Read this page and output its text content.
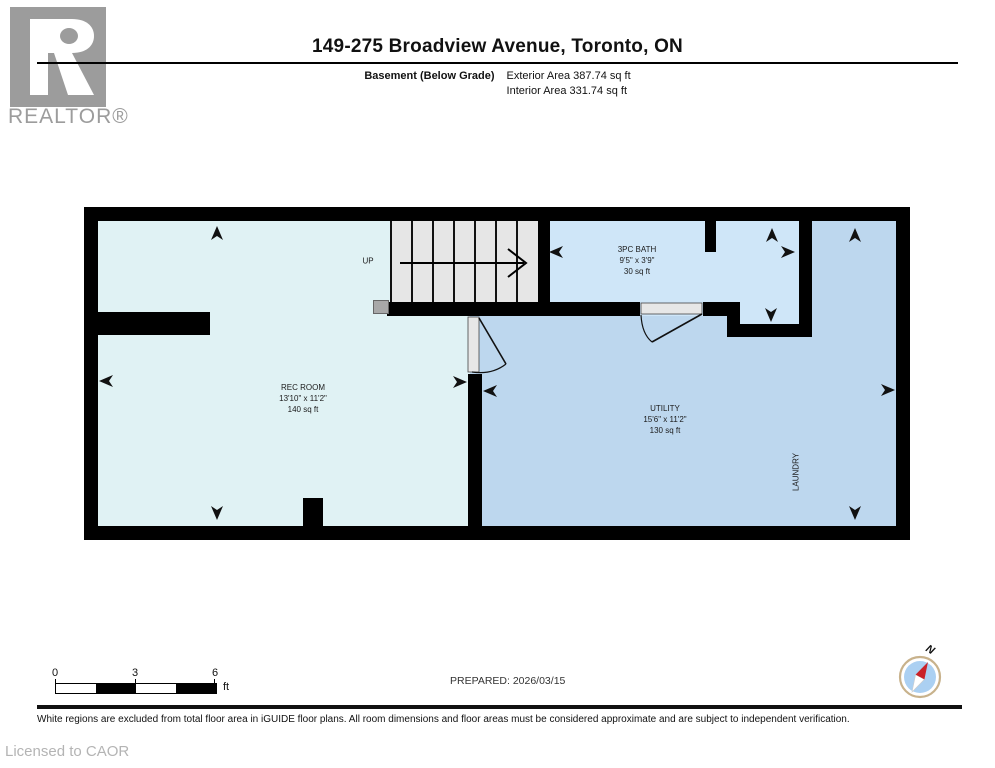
REALTOR®
149-275 Broadview Avenue, Toronto, ON
Basement (Below Grade) Exterior Area 387.74 sq ft
Interior Area 331.74 sq ft
UP
REC ROOM
13'10" x 11'2"
140 sq ft
3PC BATH
9'5" x 3'9"
30 sq ft
UTILITY
15'6" x 11'2"
130 sq ft
LAUNDRY
0	3	6
ft	PREPARED: 2026/03/15
N
White regions are excluded from total floor area in iGUIDE floor plans. All room dimensions and floor areas must be considered approximate and are subject to independent verification.
Licensed to CAOR
